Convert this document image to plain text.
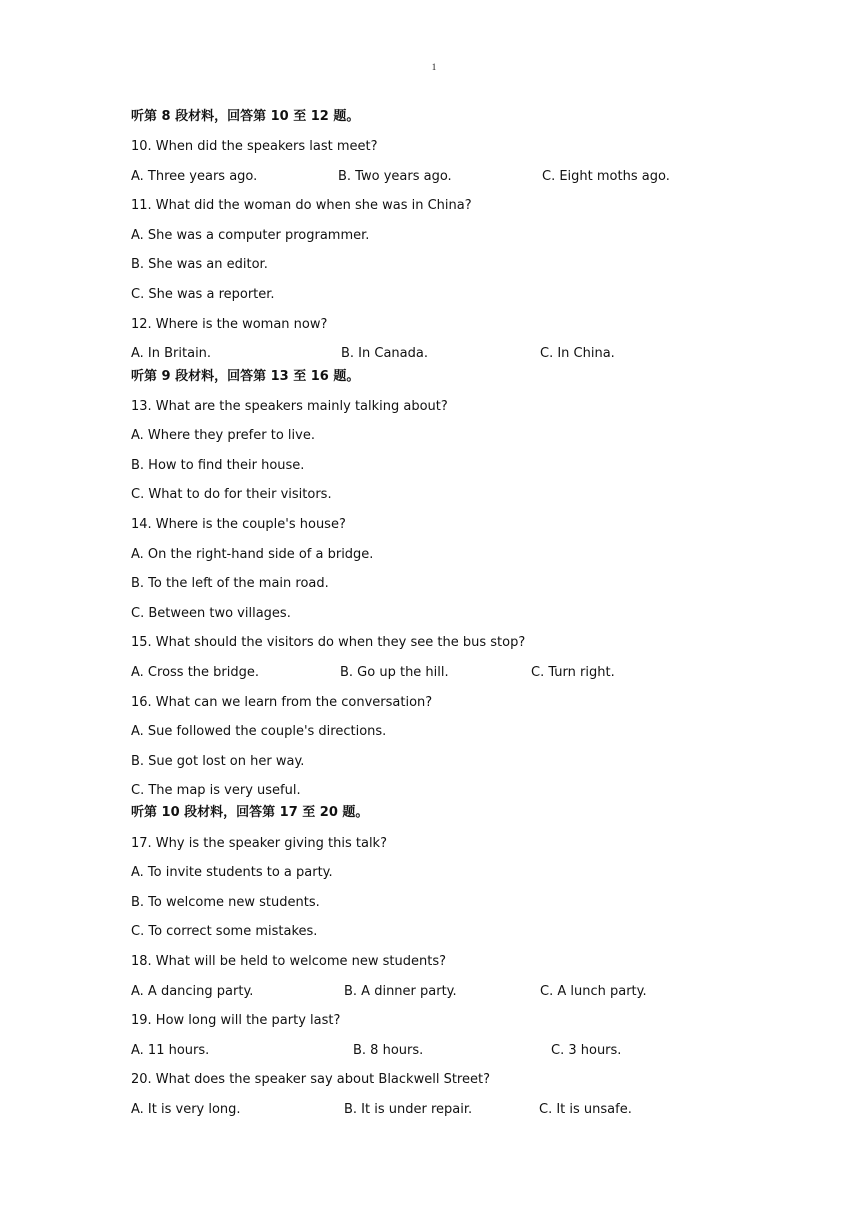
1
听第 8 段材料，回答第 10 至 12 题。
10. When did the speakers last meet?
A. Three years ago.	B. Two years ago.	C. Eight moths ago.
11. What did the woman do when she was in China?
A. She was a computer programmer.
B. She was an editor.
C. She was a reporter.
12. Where is the woman now?
A. In Britain.	B. In Canada.	C. In China.
听第 9 段材料，回答第 13 至 16 题。
13. What are the speakers mainly talking about?
A. Where they prefer to live.
B. How to find their house.
C. What to do for their visitors.
14. Where is the couple's house?
A. On the right-hand side of a bridge.
B. To the left of the main road.
C. Between two villages.
15. What should the visitors do when they see the bus stop?
A. Cross the bridge.	B. Go up the hill.	C. Turn right.
16. What can we learn from the conversation?
A. Sue followed the couple's directions.
B. Sue got lost on her way.
C. The map is very useful.
听第 10 段材料，回答第 17 至 20 题。
17. Why is the speaker giving this talk?
A. To invite students to a party.
B. To welcome new students.
C. To correct some mistakes.
18. What will be held to welcome new students?
A. A dancing party.	B. A dinner party.	C. A lunch party.
19. How long will the party last?
A. 11 hours.	B. 8 hours.	C. 3 hours.
20. What does the speaker say about Blackwell Street?
A. It is very long.	B. It is under repair.	C. It is unsafe.
